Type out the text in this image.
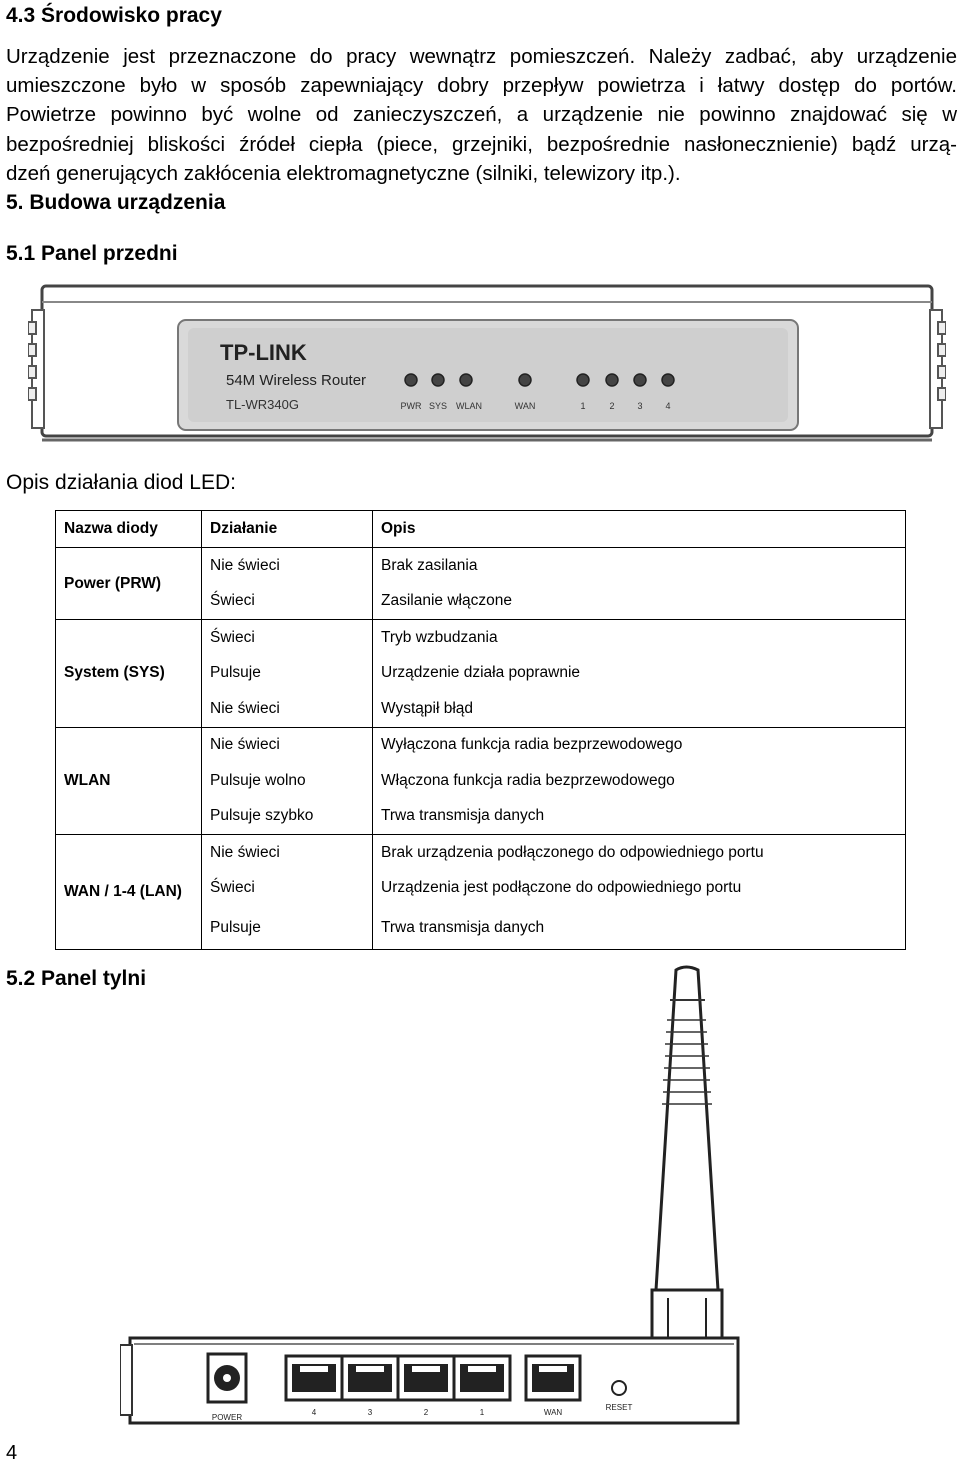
4.3 Środowisko pracy

Urządzenie jest przeznaczone do pracy wewnątrz pomieszczeń. Należy zadbać, aby urządzenie
umieszczone było w sposób zapewniający dobry przepływ powietrza i łatwy dostęp do portów.
Powietrze powinno być wolne od zanieczyszczeń, a urządzenie nie powinno znajdować się w
bezpośredniej bliskości źródeł ciepła (piece, grzejniki, bezpośrednie nasłonecznienie) bądź urzą-
dzeń generujących zakłócenia elektromagnetyczne (silniki, telewizory itp.).

5. Budowa urządzenia
5.1 Panel przedni
TP-LINK
54M Wireless Router
TL-WR340G	PWR SYS WLAN	WAN	1	2	3	4

Opis działania diod LED:

Nazwa diody	Działanie	Opis
Power (PRW)	Nie świeci	Brak zasilania
	Świeci	Zasilanie włączone
System (SYS)	Świeci	Tryb wzbudzania
	Pulsuje	Urządzenie działa poprawnie
	Nie świeci	Wystąpił błąd
WLAN	Nie świeci	Wyłączona funkcja radia bezprzewodowego
	Pulsuje wolno	Włączona funkcja radia bezprzewodowego
	Pulsuje szybko	Trwa transmisja danych
WAN / 1-4 (LAN)	Nie świeci	Brak urządzenia podłączonego do odpowiedniego portu
	Świeci	Urządzenia jest podłączone do odpowiedniego portu
	Pulsuje	Trwa transmisja danych
5.2 Panel tylni
POWER
4	3	2	1	WAN
RESET

4
